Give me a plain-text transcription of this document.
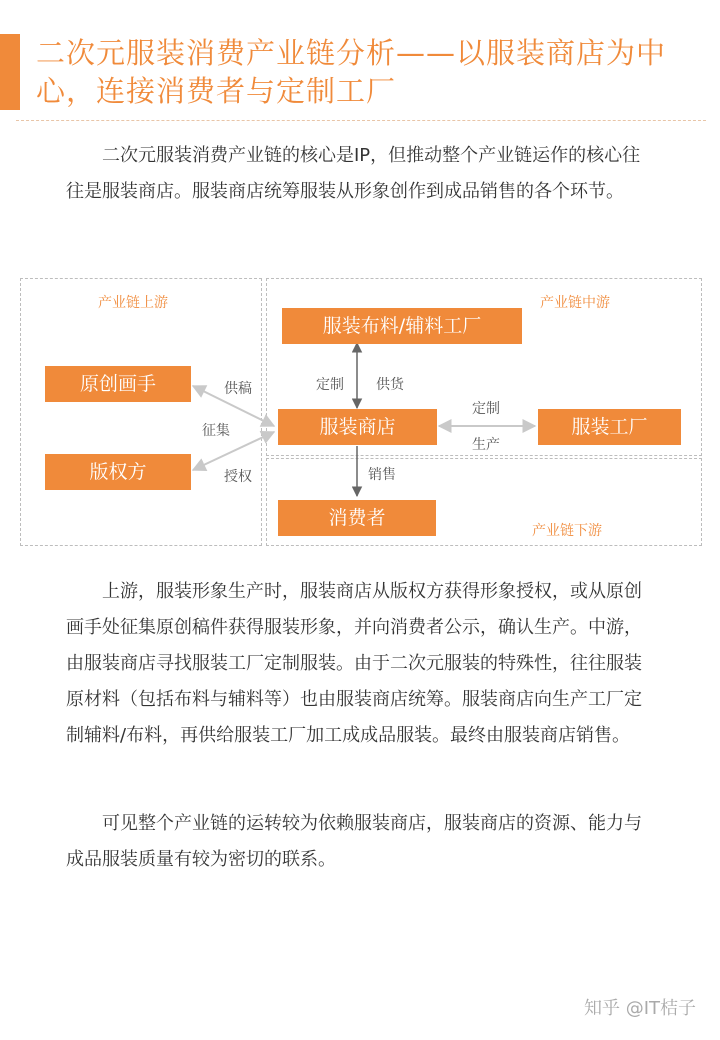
二次元服装消费产业链分析——以服装商店为中心，连接消费者与定制工厂

二次元服装消费产业链的核心是IP，但推动整个产业链运作的核心往往是服装商店。服装商店统筹服装从形象创作到成品销售的各个环节。

产业链上游	产业链中游
产业链下游
原创画手
版权方
服装布料/辅料工厂
服装商店	服装工厂
消费者
供稿
征集
授权
定制 供货
定制
生产
销售

上游，服装形象生产时，服装商店从版权方获得形象授权，或从原创画手处征集原创稿件获得服装形象，并向消费者公示，确认生产。中游，由服装商店寻找服装工厂定制服装。由于二次元服装的特殊性，往往服装原材料（包括布料与辅料等）也由服装商店统筹。服装商店向生产工厂定制辅料/布料，再供给服装工厂加工成成品服装。最终由服装商店销售。

可见整个产业链的运转较为依赖服装商店，服装商店的资源、能力与成品服装质量有较为密切的联系。

知乎 @IT桔子
